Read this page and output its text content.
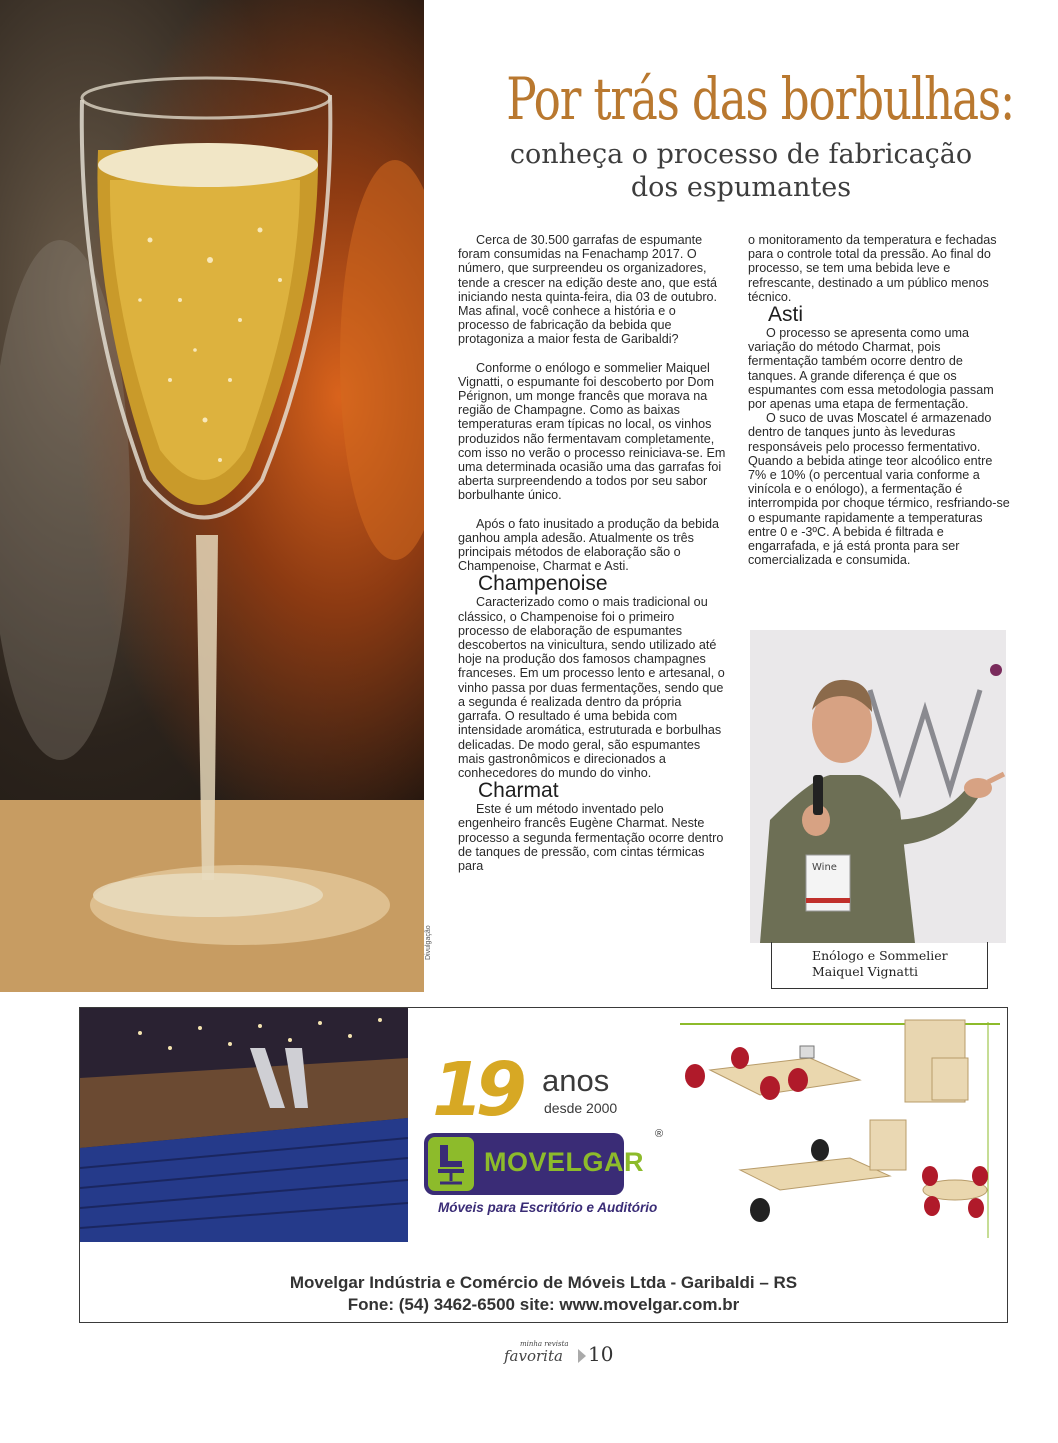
Divulgação
Por trás das borbulhas:
conheça o processo de fabricação
dos espumantes

Cerca de 30.500 garrafas de espumante foram consumidas na Fenachamp 2017. O número, que surpreendeu os organizadores, tende a crescer na edição deste ano, que está iniciando nesta quinta-feira, dia 03 de outubro. Mas afinal, você conhece a história e o processo de fabricação da bebida que protagoniza a maior festa de Garibaldi?

Conforme o enólogo e sommelier Maiquel Vignatti, o espumante foi descoberto por Dom Pérignon, um monge francês que morava na região de Champagne. Como as baixas temperaturas eram típicas no local, os vinhos produzidos não fermentavam completamente, com isso no verão o processo reiniciava-se. Em uma determinada ocasião uma das garrafas foi aberta surpreendendo a todos por seu sabor borbulhante único.

Após o fato inusitado a produção da bebida ganhou ampla adesão. Atualmente os três principais métodos de elaboração são o Champenoise, Charmat e Asti.

Champenoise

Caracterizado como o mais tradicional ou clássico, o Champenoise foi o primeiro processo de elaboração de espumantes descobertos na vinicultura, sendo utilizado até hoje na produção dos famosos champagnes franceses. Em um processo lento e artesanal, o vinho passa por duas fermentações, sendo que a segunda é realizada dentro da própria garrafa. O resultado é uma bebida com intensidade aromática, estruturada e borbulhas delicadas. De modo geral, são espumantes mais gastronômicos e direcionados a conhecedores do mundo do vinho.

Charmat

Este é um método inventado pelo engenheiro francês Eugène Charmat. Neste processo a segunda fermentação ocorre dentro de tanques de pressão, com cintas térmicas para

o monitoramento da temperatura e fechadas para o controle total da pressão. Ao final do processo, se tem uma bebida leve e refrescante, destinado a um público menos técnico.

Asti

O processo se apresenta como uma variação do método Charmat, pois fermentação também ocorre dentro de tanques. A grande diferença é que os espumantes com essa metodologia passam por apenas uma etapa de fermentação.

O suco de uvas Moscatel é armazenado dentro de tanques junto às leveduras responsáveis pelo processo fermentativo. Quando a bebida atinge teor alcoólico entre 7% e 10% (o percentual varia conforme a vinícola e o enólogo), a fermentação é interrompida por choque térmico, resfriando-se o espumante rapidamente a temperaturas entre 0 e -3ºC. A bebida é filtrada e engarrafada, e já está pronta para ser comercializada e consumida.

Wine
Enólogo e Sommelier
Maiquel Vignatti
19 anos
desde 2000
MOVELGAR
®
Móveis para Escritório e Auditório
Movelgar Indústria e Comércio de Móveis Ltda - Garibaldi – RS
Fone: (54) 3462-6500 site: www.movelgar.com.br
minha revista
favorita 10
